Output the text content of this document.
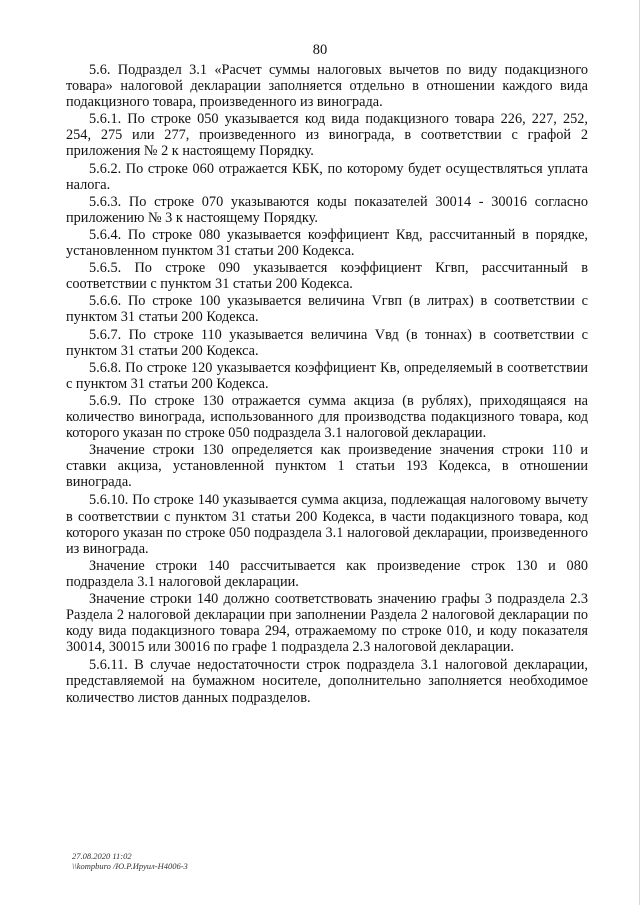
80

5.6. Подраздел 3.1 «Расчет суммы налоговых вычетов по виду подакцизного товара» налоговой декларации заполняется отдельно в отношении каждого вида подакцизного товара, произведенного из винограда.

5.6.1. По строке 050 указывается код вида подакцизного товара 226, 227, 252, 254, 275 или 277, произведенного из винограда, в соответствии с графой 2 приложения № 2 к настоящему Порядку.

5.6.2. По строке 060 отражается КБК, по которому будет осуществляться уплата налога.

5.6.3. По строке 070 указываются коды показателей 30014 - 30016 согласно приложению № 3 к настоящему Порядку.

5.6.4. По строке 080 указывается коэффициент Квд, рассчитанный в порядке, установленном пунктом 31 статьи 200 Кодекса.

5.6.5. По строке 090 указывается коэффициент Кгвп, рассчитанный в соответствии с пунктом 31 статьи 200 Кодекса.

5.6.6. По строке 100 указывается величина Vгвп (в литрах) в соответствии с пунктом 31 статьи 200 Кодекса.

5.6.7. По строке 110 указывается величина Vвд (в тоннах) в соответствии с пунктом 31 статьи 200 Кодекса.

5.6.8. По строке 120 указывается коэффициент Кв, определяемый в соответствии с пунктом 31 статьи 200 Кодекса.

5.6.9. По строке 130 отражается сумма акциза (в рублях), приходящаяся на количество винограда, использованного для производства подакцизного товара, код которого указан по строке 050 подраздела 3.1 налоговой декларации.

Значение строки 130 определяется как произведение значения строки 110 и ставки акциза, установленной пунктом 1 статьи 193 Кодекса, в отношении винограда.

5.6.10. По строке 140 указывается сумма акциза, подлежащая налоговому вычету в соответствии с пунктом 31 статьи 200 Кодекса, в части подакцизного товара, код которого указан по строке 050 подраздела 3.1 налоговой декларации, произведенного из винограда.

Значение строки 140 рассчитывается как произведение строк 130 и 080 подраздела 3.1 налоговой декларации.

Значение строки 140 должно соответствовать значению графы 3 подраздела 2.3 Раздела 2 налоговой декларации при заполнении Раздела 2 налоговой декларации по коду вида подакцизного товара 294, отражаемому по строке 010, и коду показателя 30014, 30015 или 30016 по графе 1 подраздела 2.3 налоговой декларации.

5.6.11. В случае недостаточности строк подраздела 3.1 налоговой декларации, представляемой на бумажном носителе, дополнительно заполняется необходимое количество листов данных подразделов.

27.08.2020 11:02
\\kompburo /Ю.Р.Ируил-Н4006-3
